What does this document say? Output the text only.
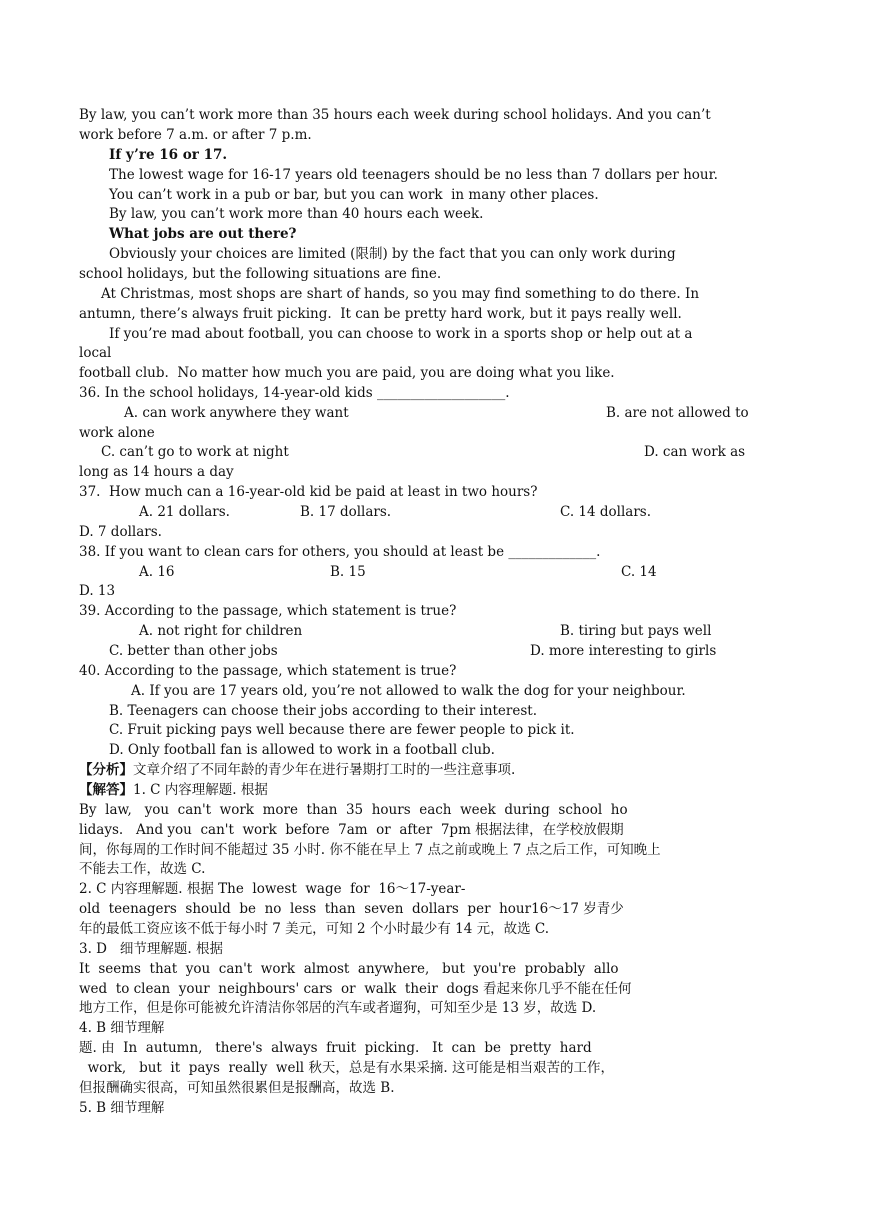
By law, you can’t work more than 35 hours each week during school holidays. And you can’t
work before 7 a.m. or after 7 p.m.
If y’re 16 or 17.
The lowest wage for 16-17 years old teenagers should be no less than 7 dollars per hour.
You can’t work in a pub or bar, but you can work  in many other places.
By law, you can’t work more than 40 hours each week.
What jobs are out there?
Obviously your choices are limited (限制) by the fact that you can only work during
school holidays, but the following situations are fine.
At Christmas, most shops are shart of hands, so you may find something to do there. In
antumn, there’s always fruit picking.  It can be pretty hard work, but it pays really well.
If you’re mad about football, you can choose to work in a sports shop or help out at a
local
football club.  No matter how much you are paid, you are doing what you like.
36. In the school holidays, 14-year-old kids ___________________.
A. can work anywhere they want	B. are not allowed to
work alone
C. can’t go to work at night	D. can work as
long as 14 hours a day
37.  How much can a 16-year-old kid be paid at least in two hours?
A. 21 dollars.	B. 17 dollars.	C. 14 dollars.
D. 7 dollars.
38. If you want to clean cars for others, you should at least be _____________.
A. 16	B. 15	C. 14
D. 13
39. According to the passage, which statement is true?
A. not right for children	B. tiring but pays well
C. better than other jobs	D. more interesting to girls
40. According to the passage, which statement is true?
A. If you are 17 years old, you’re not allowed to walk the dog for your neighbour.
B. Teenagers can choose their jobs according to their interest.
C. Fruit picking pays well because there are fewer people to pick it.
D. Only football fan is allowed to work in a football club.
【分析】文章介绍了不同年龄的青少年在进行暑期打工时的一些注意事项.
【解答】1. C 内容理解题. 根据
By  law,   you  can't  work  more  than  35  hours  each  week  during  school  ho
lidays.   And you  can't  work  before  7am  or  after  7pm 根据法律，在学校放假期
间，你每周的工作时间不能超过 35 小时. 你不能在早上 7 点之前或晚上 7 点之后工作，可知晚上
不能去工作，故选 C.
2. C 内容理解题. 根据 The  lowest  wage  for  16～17-year-
old  teenagers  should  be  no  less  than  seven  dollars  per  hour16～17 岁青少
年的最低工资应该不低于每小时 7 美元，可知 2 个小时最少有 14 元，故选 C.
3. D   细节理解题. 根据
It  seems  that  you  can't  work  almost  anywhere,   but  you're  probably  allo
wed  to clean  your  neighbours' cars  or  walk  their  dogs 看起来你几乎不能在任何
地方工作，但是你可能被允许清洁你邻居的汽车或者遛狗，可知至少是 13 岁，故选 D.
4. B 细节理解
题. 由  In  autumn,   there's  always  fruit  picking.   It  can  be  pretty  hard
work,   but  it  pays  really  well 秋天，总是有水果采摘. 这可能是相当艰苦的工作，
但报酬确实很高，可知虽然很累但是报酬高，故选 B.
5. B 细节理解
